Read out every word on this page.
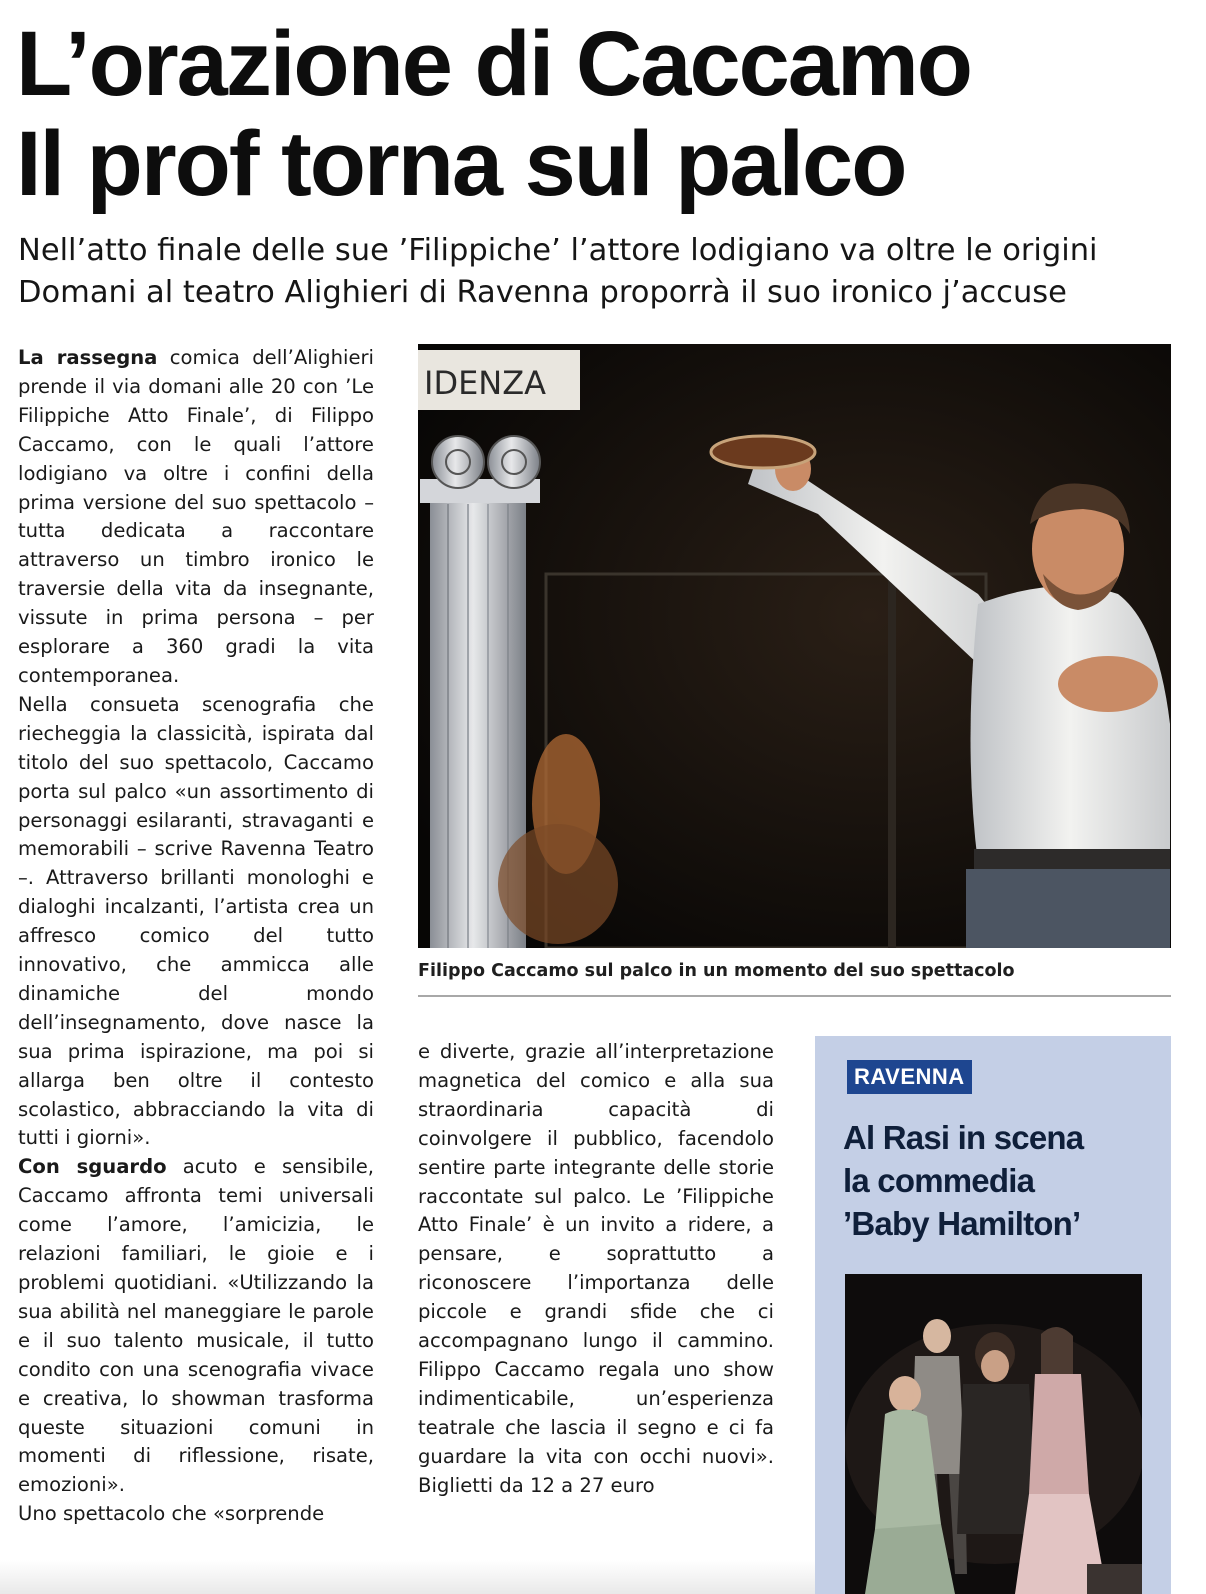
L’orazione di Caccamo
Il prof torna sul palco
Nell’atto finale delle sue ’Filippiche’ l’attore lodigiano va oltre le origini
Domani al teatro Alighieri di Ravenna proporrà il suo ironico j’accuse

La rassegna comica dell’Alighieri prende il via domani alle 20 con ’Le Filippiche Atto Finale’, di Filippo Caccamo, con le quali l’attore lodigiano va oltre i confini della prima versione del suo spettacolo – tutta dedicata a raccontare attraverso un timbro ironico le traversie della vita da insegnante, vissute in prima persona – per esplorare a 360 gradi la vita contemporanea.

Nella consueta scenografia che riecheggia la classicità, ispirata dal titolo del suo spettacolo, Caccamo porta sul palco «un assortimento di personaggi esilaranti, stravaganti e memorabili – scrive Ravenna Teatro –. Attraverso brillanti monologhi e dialoghi incalzanti, l’artista crea un affresco comico del tutto innovativo, che ammicca alle dinamiche del mondo dell’insegnamento, dove nasce la sua prima ispirazione, ma poi si allarga ben oltre il contesto scolastico, abbracciando la vita di tutti i giorni».

Con sguardo acuto e sensibile, Caccamo affronta temi universali come l’amore, l’amicizia, le relazioni familiari, le gioie e i problemi quotidiani. «Utilizzando la sua abilità nel maneggiare le parole e il suo talento musicale, il tutto condito con una scenografia vivace e creativa, lo showman trasforma queste situazioni comuni in momenti di riflessione, risate, emozioni».

Uno spettacolo che «sorprende

IDENZA
Filippo Caccamo sul palco in un momento del suo spettacolo

e diverte, grazie all’interpretazione magnetica del comico e alla sua straordinaria capacità di coinvolgere il pubblico, facendolo sentire parte integrante delle storie raccontate sul palco. Le ’Filippiche Atto Finale’ è un invito a ridere, a pensare, e soprattutto a riconoscere l’importanza delle piccole e grandi sfide che ci accompagnano lungo il cammino. Filippo Caccamo regala uno show indimenticabile, un’esperienza teatrale che lascia il segno e ci fa guardare la vita con occhi nuovi». Biglietti da 12 a 27 euro

RAVENNA
Al Rasi in scena
la commedia
’Baby Hamilton’
